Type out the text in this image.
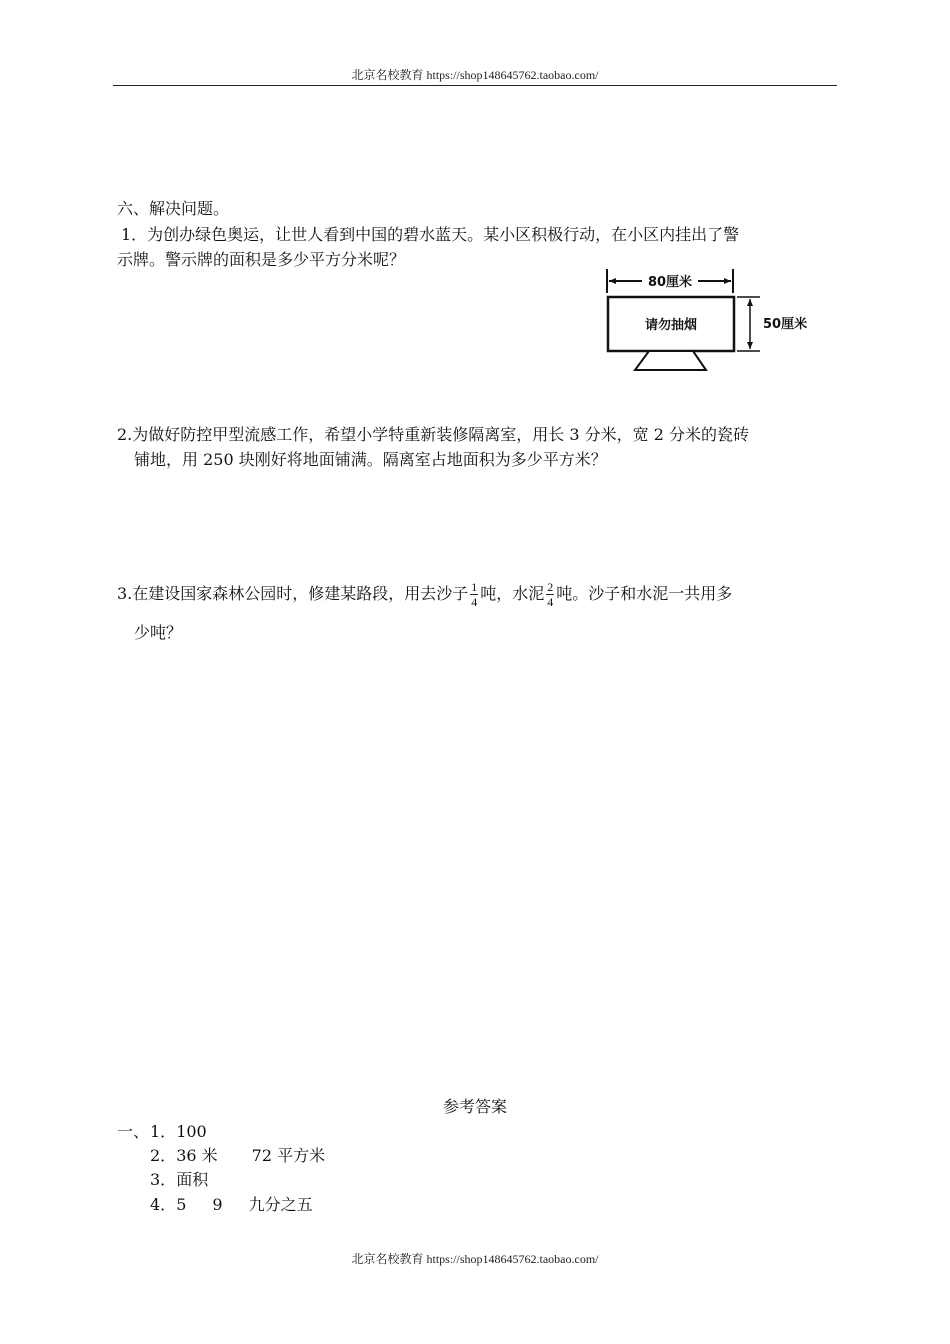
北京名校教育 https://shop148645762.taobao.com/
六、解决问题。
1．为创办绿色奥运，让世人看到中国的碧水蓝天。某小区积极行动，在小区内挂出了警
示牌。警示牌的面积是多少平方分米呢？
80厘米
请勿抽烟	50厘米
2.为做好防控甲型流感工作，希望小学特重新装修隔离室，用长 3 分米，宽 2 分米的瓷砖
铺地，用 250 块刚好将地面铺满。隔离室占地面积为多少平方米？
3.在建设国家森林公园时，修建某路段，用去沙子 $\frac{1}{4}$ 吨，水泥 $\frac{2}{4}$ 吨。沙子和水泥一共用多
少吨？
参考答案
一、 1．100
2．36 米 72 平方米
3．面积
4．5 9 九分之五
北京名校教育 https://shop148645762.taobao.com/
